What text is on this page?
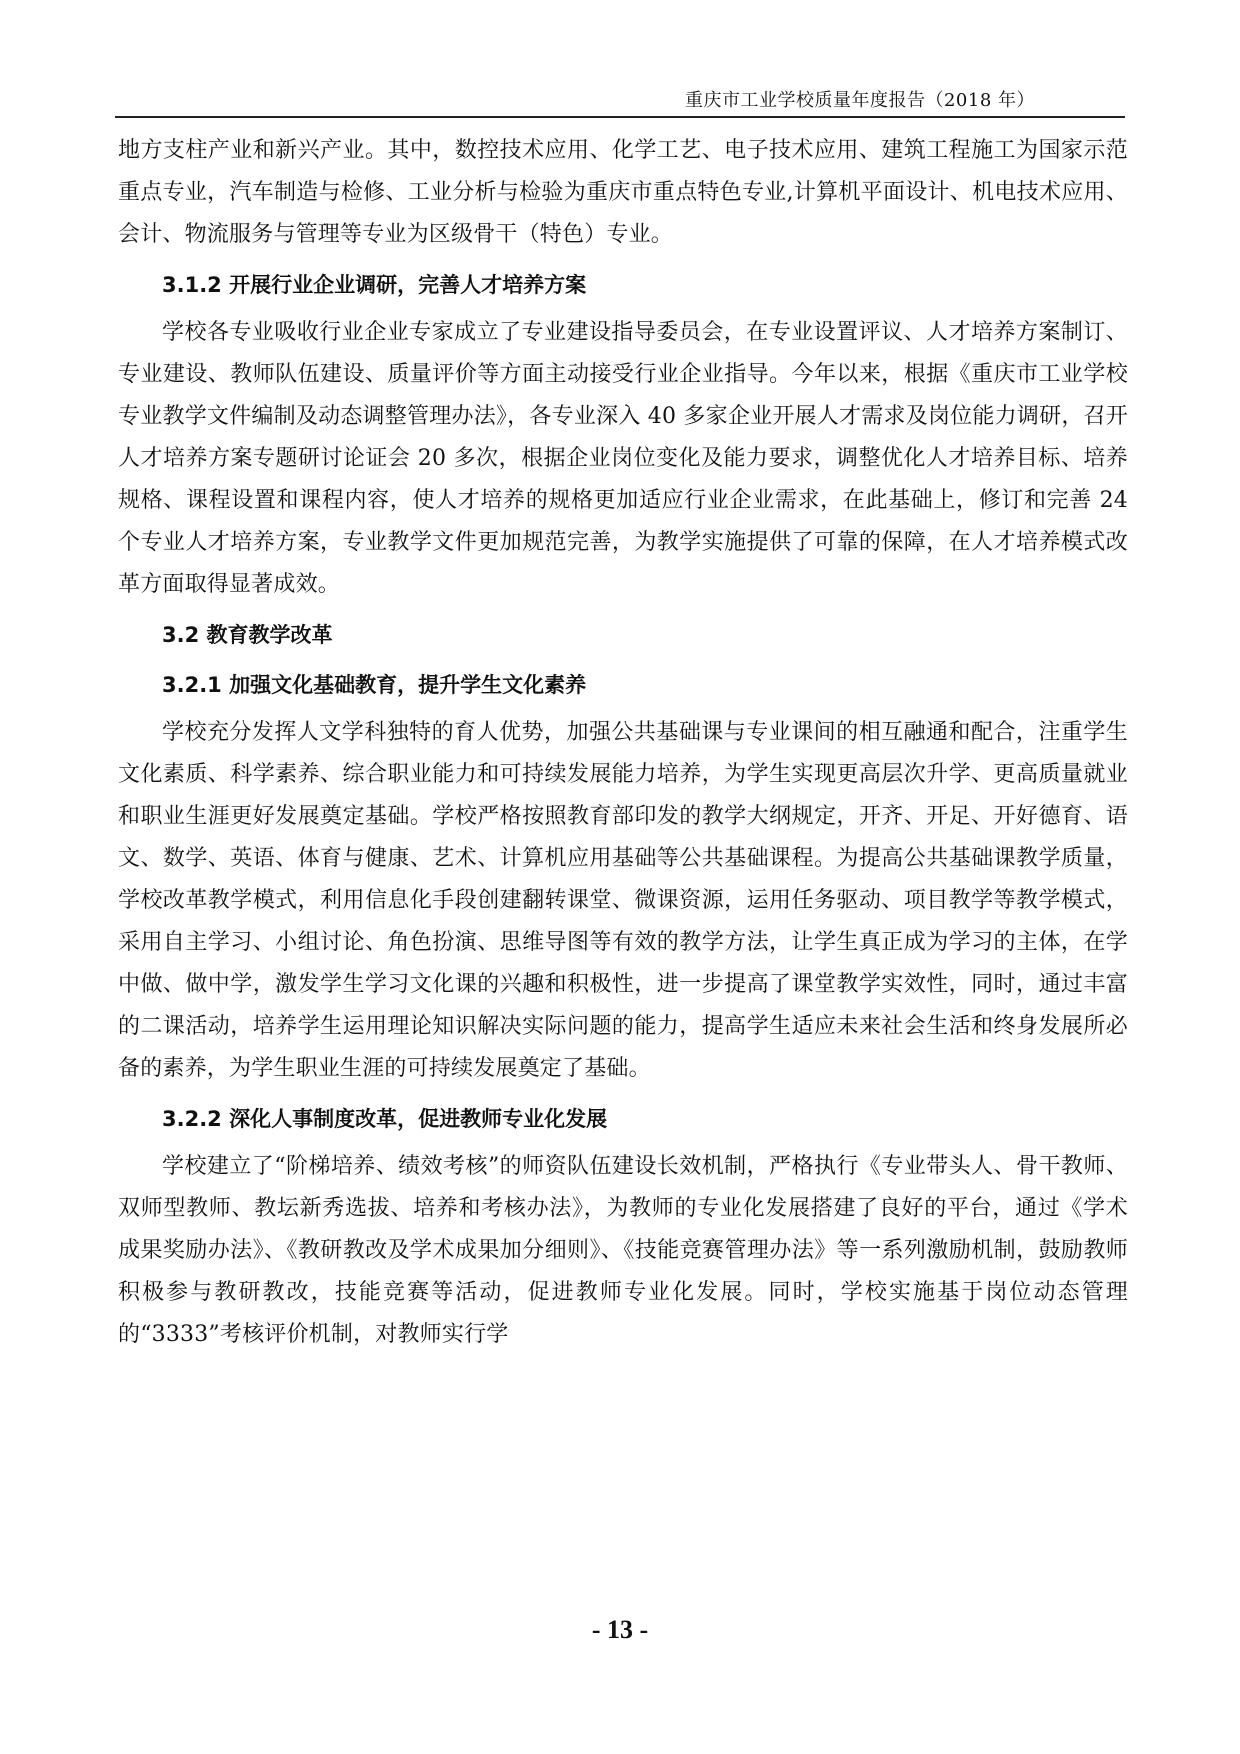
重庆市工业学校质量年度报告（2018 年）

地方支柱产业和新兴产业。其中，数控技术应用、化学工艺、电子技术应用、建筑工程施工为国家示范重点专业，汽车制造与检修、工业分析与检验为重庆市重点特色专业,计算机平面设计、机电技术应用、会计、物流服务与管理等专业为区级骨干（特色）专业。

3.1.2 开展行业企业调研，完善人才培养方案

学校各专业吸收行业企业专家成立了专业建设指导委员会，在专业设置评议、人才培养方案制订、专业建设、教师队伍建设、质量评价等方面主动接受行业企业指导。今年以来，根据《重庆市工业学校专业教学文件编制及动态调整管理办法》，各专业深入 40 多家企业开展人才需求及岗位能力调研，召开人才培养方案专题研讨论证会 20 多次，根据企业岗位变化及能力要求，调整优化人才培养目标、培养规格、课程设置和课程内容，使人才培养的规格更加适应行业企业需求，在此基础上，修订和完善 24 个专业人才培养方案，专业教学文件更加规范完善，为教学实施提供了可靠的保障，在人才培养模式改革方面取得显著成效。

3.2 教育教学改革
3.2.1 加强文化基础教育，提升学生文化素养

学校充分发挥人文学科独特的育人优势，加强公共基础课与专业课间的相互融通和配合，注重学生文化素质、科学素养、综合职业能力和可持续发展能力培养，为学生实现更高层次升学、更高质量就业和职业生涯更好发展奠定基础。学校严格按照教育部印发的教学大纲规定，开齐、开足、开好德育、语文、数学、英语、体育与健康、艺术、计算机应用基础等公共基础课程。为提高公共基础课教学质量，学校改革教学模式，利用信息化手段创建翻转课堂、微课资源，运用任务驱动、项目教学等教学模式，采用自主学习、小组讨论、角色扮演、思维导图等有效的教学方法，让学生真正成为学习的主体，在学中做、做中学，激发学生学习文化课的兴趣和积极性，进一步提高了课堂教学实效性，同时，通过丰富的二课活动，培养学生运用理论知识解决实际问题的能力，提高学生适应未来社会生活和终身发展所必备的素养，为学生职业生涯的可持续发展奠定了基础。

3.2.2 深化人事制度改革，促进教师专业化发展

学校建立了“阶梯培养、绩效考核”的师资队伍建设长效机制，严格执行《专业带头人、骨干教师、双师型教师、教坛新秀选拔、培养和考核办法》，为教师的专业化发展搭建了良好的平台，通过《学术成果奖励办法》、《教研教改及学术成果加分细则》、《技能竞赛管理办法》等一系列激励机制，鼓励教师积极参与教研教改，技能竞赛等活动，促进教师专业化发展。同时，学校实施基于岗位动态管理的“3333”考核评价机制，对教师实行学

- 13 -
